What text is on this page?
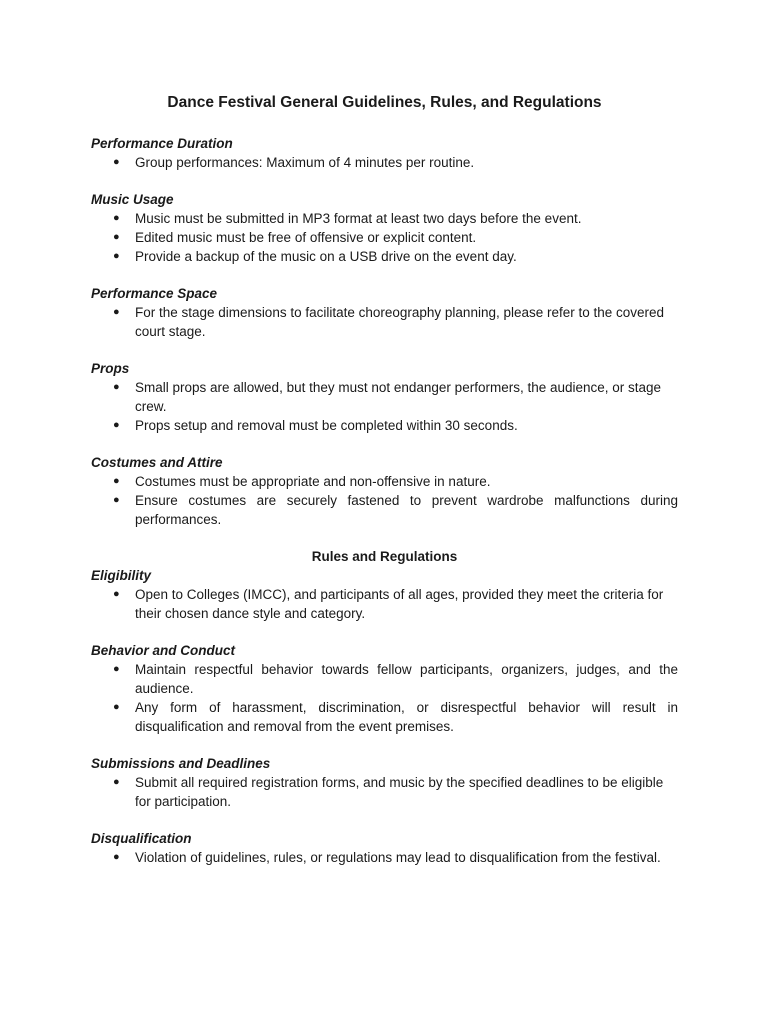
Dance Festival General Guidelines, Rules, and Regulations

Performance Duration

● Group performances: Maximum of 4 minutes per routine.

Music Usage

● Music must be submitted in MP3 format at least two days before the event.
● Edited music must be free of offensive or explicit content.
● Provide a backup of the music on a USB drive on the event day.

Performance Space

● For the stage dimensions to facilitate choreography planning, please refer to the covered court stage.

Props

● Small props are allowed, but they must not endanger performers, the audience, or stage crew.
● Props setup and removal must be completed within 30 seconds.

Costumes and Attire

● Costumes must be appropriate and non-offensive in nature.
● Ensure costumes are securely fastened to prevent wardrobe malfunctions during performances.

Rules and Regulations

Eligibility

● Open to Colleges (IMCC), and participants of all ages, provided they meet the criteria for their chosen dance style and category.

Behavior and Conduct

● Maintain respectful behavior towards fellow participants, organizers, judges, and the audience.
● Any form of harassment, discrimination, or disrespectful behavior will result in disqualification and removal from the event premises.

Submissions and Deadlines

● Submit all required registration forms, and music by the specified deadlines to be eligible for participation.

Disqualification

● Violation of guidelines, rules, or regulations may lead to disqualification from the festival.
